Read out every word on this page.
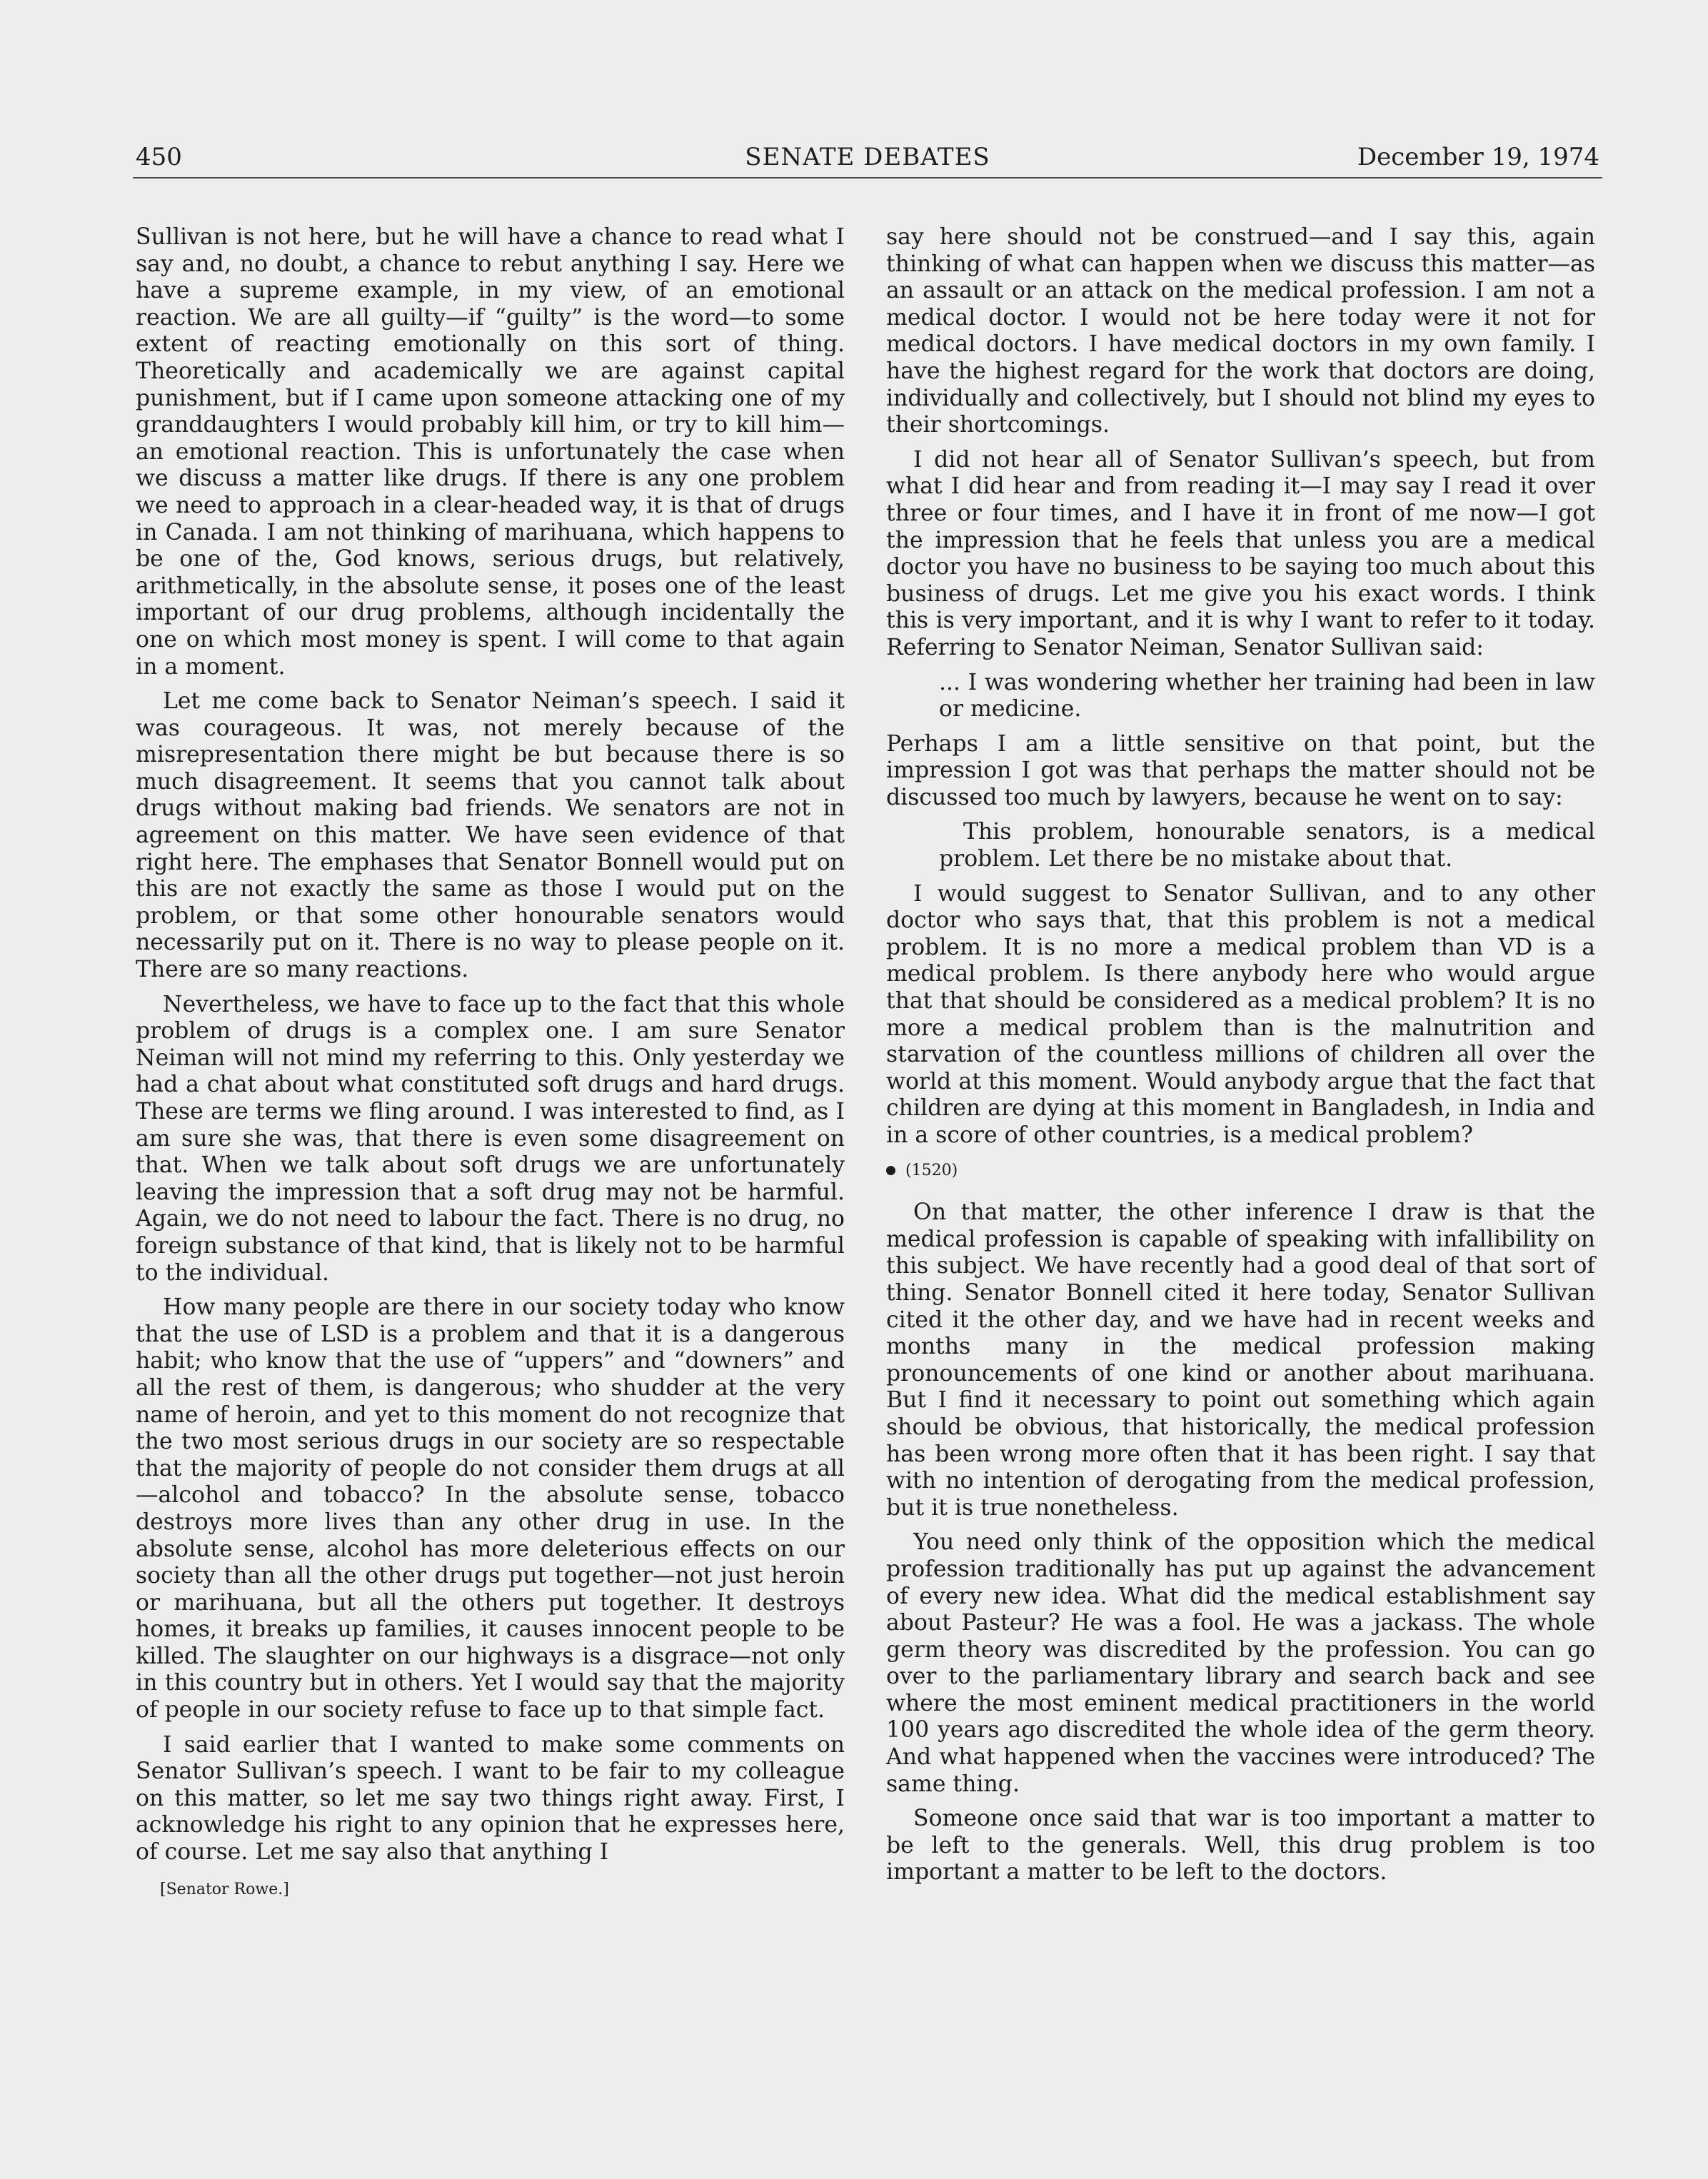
450	SENATE DEBATES	December 19, 1974

Sullivan is not here, but he will have a chance to read what I say and, no doubt, a chance to rebut anything I say. Here we have a supreme example, in my view, of an emotional reaction. We are all guilty—if “guilty” is the word—to some extent of reacting emotionally on this sort of thing. Theoretically and academically we are against capital punishment, but if I came upon someone attacking one of my granddaughters I would probably kill him, or try to kill him—an emotional reaction. This is unfortunately the case when we discuss a matter like drugs. If there is any one problem we need to approach in a clear-headed way, it is that of drugs in Canada. I am not thinking of marihuana, which happens to be one of the, God knows, serious drugs, but relatively, arithmetically, in the absolute sense, it poses one of the least important of our drug problems, although incidentally the one on which most money is spent. I will come to that again in a moment.

Let me come back to Senator Neiman’s speech. I said it was courageous. It was, not merely because of the misrepresentation there might be but because there is so much disagreement. It seems that you cannot talk about drugs without making bad friends. We senators are not in agreement on this matter. We have seen evidence of that right here. The emphases that Senator Bonnell would put on this are not exactly the same as those I would put on the problem, or that some other honourable senators would necessarily put on it. There is no way to please people on it. There are so many reactions.

Nevertheless, we have to face up to the fact that this whole problem of drugs is a complex one. I am sure Senator Neiman will not mind my referring to this. Only yesterday we had a chat about what constituted soft drugs and hard drugs. These are terms we fling around. I was interested to find, as I am sure she was, that there is even some disagreement on that. When we talk about soft drugs we are unfortunately leaving the impression that a soft drug may not be harmful. Again, we do not need to labour the fact. There is no drug, no foreign substance of that kind, that is likely not to be harmful to the individual.

How many people are there in our society today who know that the use of LSD is a problem and that it is a dangerous habit; who know that the use of “uppers” and “downers” and all the rest of them, is dangerous; who shudder at the very name of heroin, and yet to this moment do not recognize that the two most serious drugs in our society are so respectable that the majority of people do not consider them drugs at all—alcohol and tobacco? In the absolute sense, tobacco destroys more lives than any other drug in use. In the absolute sense, alcohol has more deleterious effects on our society than all the other drugs put together—not just heroin or marihuana, but all the others put together. It destroys homes, it breaks up families, it causes innocent people to be killed. The slaughter on our highways is a disgrace—not only in this country but in others. Yet I would say that the majority of people in our society refuse to face up to that simple fact.

I said earlier that I wanted to make some comments on Senator Sullivan’s speech. I want to be fair to my colleague on this matter, so let me say two things right away. First, I acknowledge his right to any opinion that he expresses here, of course. Let me say also that anything I

[Senator Rowe.]

say here should not be construed—and I say this, again thinking of what can happen when we discuss this matter—as an assault or an attack on the medical profession. I am not a medical doctor. I would not be here today were it not for medical doctors. I have medical doctors in my own family. I have the highest regard for the work that doctors are doing, individually and collectively, but I should not blind my eyes to their shortcomings.

I did not hear all of Senator Sullivan’s speech, but from what I did hear and from reading it—I may say I read it over three or four times, and I have it in front of me now—I got the impression that he feels that unless you are a medical doctor you have no business to be saying too much about this business of drugs. Let me give you his exact words. I think this is very important, and it is why I want to refer to it today. Referring to Senator Neiman, Senator Sullivan said:

... I was wondering whether her training had been in law or medicine.

Perhaps I am a little sensitive on that point, but the impression I got was that perhaps the matter should not be discussed too much by lawyers, because he went on to say:

This problem, honourable senators, is a medical problem. Let there be no mistake about that.

I would suggest to Senator Sullivan, and to any other doctor who says that, that this problem is not a medical problem. It is no more a medical problem than VD is a medical problem. Is there anybody here who would argue that that should be considered as a medical problem? It is no more a medical problem than is the malnutrition and starvation of the countless millions of children all over the world at this moment. Would anybody argue that the fact that children are dying at this moment in Bangladesh, in India and in a score of other countries, is a medical problem?

(1520)

On that matter, the other inference I draw is that the medical profession is capable of speaking with infallibility on this subject. We have recently had a good deal of that sort of thing. Senator Bonnell cited it here today, Senator Sullivan cited it the other day, and we have had in recent weeks and months many in the medical profession making pronouncements of one kind or another about marihuana. But I find it necessary to point out something which again should be obvious, that historically, the medical profession has been wrong more often that it has been right. I say that with no intention of derogating from the medical profession, but it is true nonetheless.

You need only think of the opposition which the medical profession traditionally has put up against the advancement of every new idea. What did the medical establishment say about Pasteur? He was a fool. He was a jackass. The whole germ theory was discredited by the profession. You can go over to the parliamentary library and search back and see where the most eminent medical practitioners in the world 100 years ago discredited the whole idea of the germ theory. And what happened when the vaccines were introduced? The same thing.

Someone once said that war is too important a matter to be left to the generals. Well, this drug problem is too important a matter to be left to the doctors.
